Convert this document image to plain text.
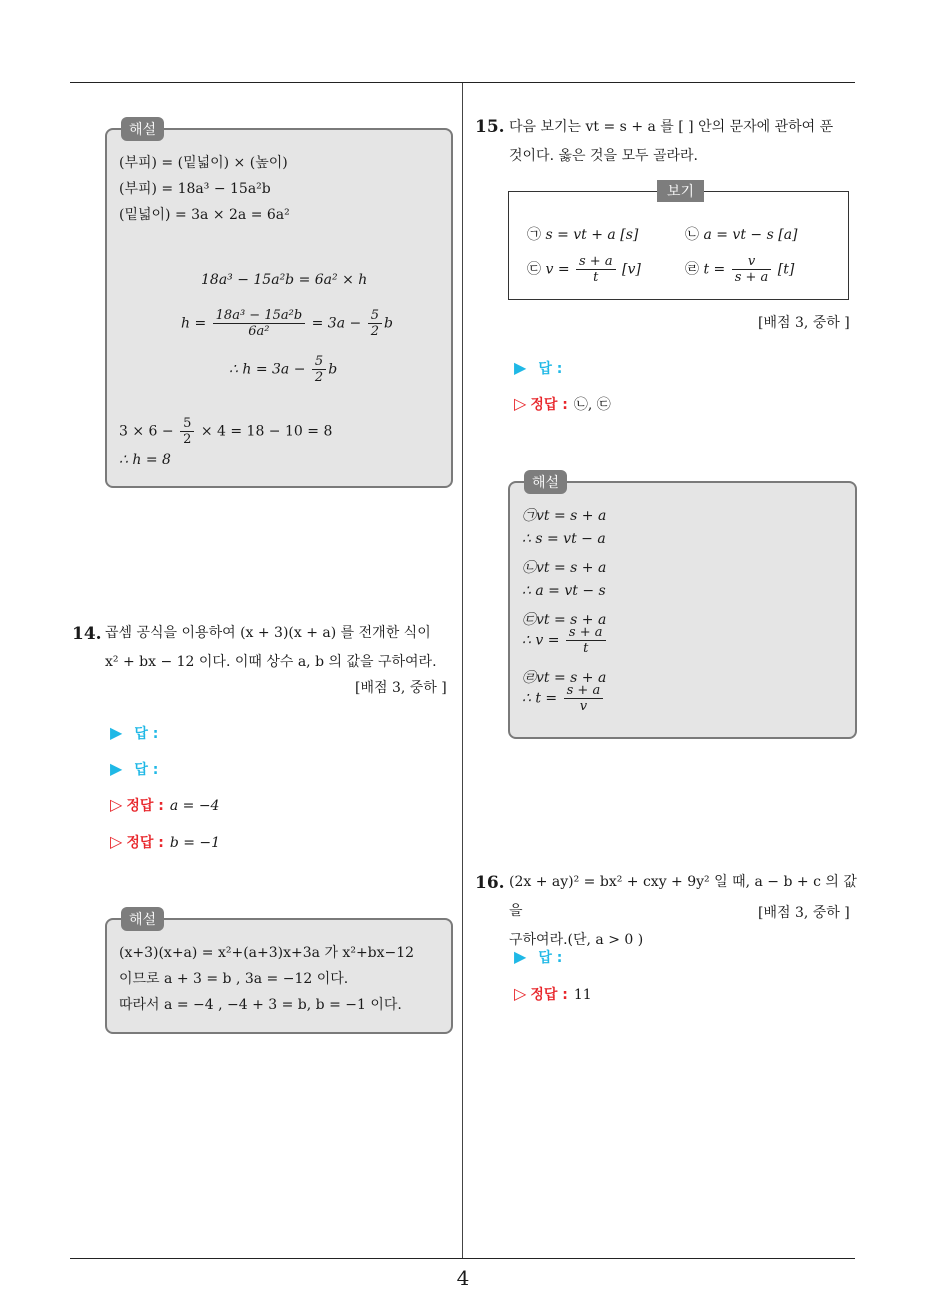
해설
(부피) = (밑넓이) × (높이)
(부피) = 18a³ − 15a²b
(밑넓이) = 3a × 2a = 6a²
18a³ − 15a²b = 6a² × h
$h = \frac{\text{18a³ − 15a²b}}{\text{6a²}} = 3a - \frac{5}{2}$ b
∴ $h = 3a - \frac{5}{2}$ b
$3 \times 6 - \frac{5}{2} \times 4 = 18 - 10 = 8$
∴ h = 8
14. 곱셈 공식을 이용하여 (x + 3)(x + a) 를 전개한 식이
x² + bx − 12 이다. 이때 상수 a, b 의 값을 구하여라.
[배점 3, 중하 ]
▶ 답 :
▶ 답 :
▷ 정답 : a = −4
▷ 정답 : b = −1
해설
(x+3)(x+a) = x²+(a+3)x+3a 가 x²+bx−12
이므로 a + 3 = b , 3a = −12 이다.
따라서 a = −4 , −4 + 3 = b, b = −1 이다.
15. 다음 보기는 vt = s + a 를 [ ] 안의 문자에 관하여 푼
것이다. 옳은 것을 모두 골라라.
보기
㉠ s = vt + a [s]	㉡ a = vt − s [a]
㉢ $v = \frac{s + a}{t} [v]$	㉣ $t = \frac{v}{s + a} [t]$
[배점 3, 중하 ]
▶ 답 :
▷ 정답 : ㉡, ㉢
해설
㉠vt = s + a
∴ s = vt − a
㉡vt = s + a
∴ a = vt − s
㉢vt = s + a
∴ $v = \frac{s + a}{t}$
㉣vt = s + a
∴ $t = \frac{s + a}{v}$
16. (2x + ay)² = bx² + cxy + 9y² 일 때, a − b + c 의 값을
구하여라.(단, a > 0 )
[배점 3, 중하 ]
▶ 답 :
▷ 정답 : 11
4
